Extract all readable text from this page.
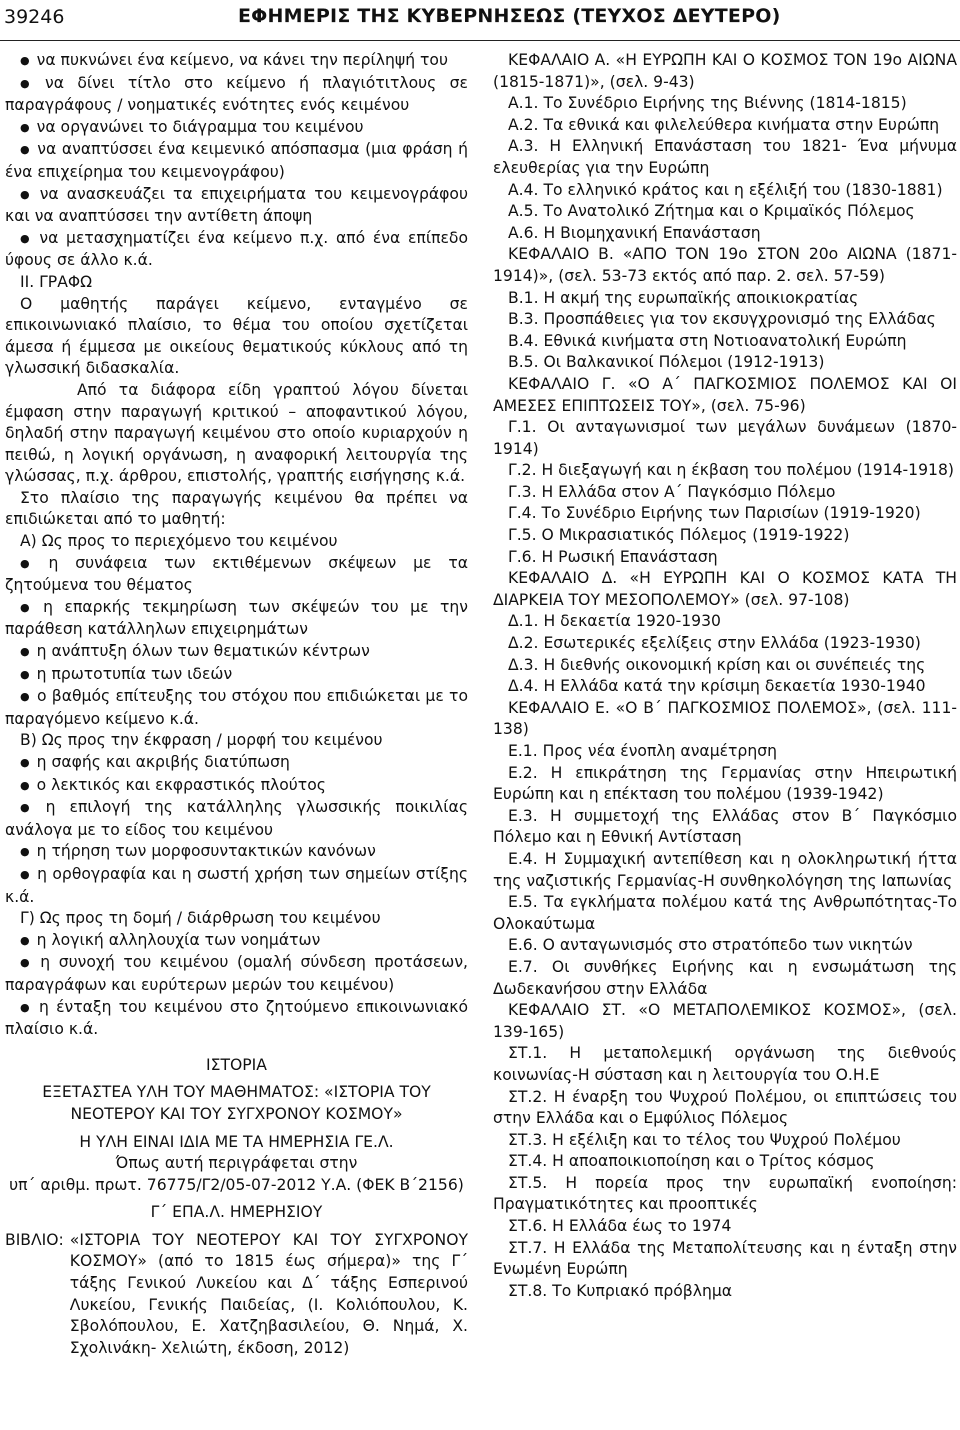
39246	ΕΦΗΜΕΡΙΣ ΤΗΣ ΚΥΒΕΡΝΗΣΕΩΣ (ΤΕΥΧΟΣ ΔΕΥΤΕΡΟ)

● να πυκνώνει ένα κείμενο, να κάνει την περίληψή του

● να δίνει τίτλο στο κείμενο ή πλαγιότιτλους σε παραγράφους / νοηματικές ενότητες ενός κειμένου

● να οργανώνει το διάγραμμα του κειμένου

● να αναπτύσσει ένα κειμενικό απόσπασμα (μια φράση ή ένα επιχείρημα του κειμενογράφου)

● να ανασκευάζει τα επιχειρήματα του κειμενογράφου και να αναπτύσσει την αντίθετη άποψη

● να μετασχηματίζει ένα κείμενο π.χ. από ένα επίπεδο ύφους σε άλλο κ.ά.

ΙΙ. ΓΡΑΦΩ

Ο μαθητής παράγει κείμενο, ενταγμένο σε επικοινωνιακό πλαίσιο, το θέμα του οποίου σχετίζεται άμεσα ή έμμεσα με οικείους θεματικούς κύκλους από τη γλωσσική διδασκαλία.

Από τα διάφορα είδη γραπτού λόγου δίνεται έμφαση στην παραγωγή κριτικού – αποφαντικού λόγου, δηλαδή στην παραγωγή κειμένου στο οποίο κυριαρχούν η πειθώ, η λογική οργάνωση, η αναφορική λειτουργία της γλώσσας, π.χ. άρθρου, επιστολής, γραπτής εισήγησης κ.ά.

Στο πλαίσιο της παραγωγής κειμένου θα πρέπει να επιδιώκεται από το μαθητή:

Α) Ως προς το περιεχόμενο του κειμένου

● η συνάφεια των εκτιθέμενων σκέψεων με τα ζητούμενα του θέματος

● η επαρκής τεκμηρίωση των σκέψεών του με την παράθεση κατάλληλων επιχειρημάτων

● η ανάπτυξη όλων των θεματικών κέντρων

● η πρωτοτυπία των ιδεών

● ο βαθμός επίτευξης του στόχου που επιδιώκεται με το παραγόμενο κείμενο κ.ά.

Β) Ως προς την έκφραση / μορφή του κειμένου

● η σαφής και ακριβής διατύπωση

● ο λεκτικός και εκφραστικός πλούτος

● η επιλογή της κατάλληλης γλωσσικής ποικιλίας ανάλογα με το είδος του κειμένου

● η τήρηση των μορφοσυντακτικών κανόνων

● η ορθογραφία και η σωστή χρήση των σημείων στίξης κ.ά.

Γ) Ως προς τη δομή / διάρθρωση του κειμένου

● η λογική αλληλουχία των νοημάτων

● η συνοχή του κειμένου (ομαλή σύνδεση προτάσεων, παραγράφων και ευρύτερων μερών του κειμένου)

● η ένταξη του κειμένου στο ζητούμενο επικοινωνιακό πλαίσιο κ.ά.

ΙΣΤΟΡΙΑ

ΕΞΕΤΑΣΤΕΑ ΥΛΗ ΤΟΥ ΜΑΘΗΜΑΤΟΣ: «ΙΣΤΟΡΙΑ ΤΟΥ ΝΕΟΤΕΡΟΥ ΚΑΙ ΤΟΥ ΣΥΓΧΡΟΝΟΥ ΚΟΣΜΟΥ»

Η ΥΛΗ ΕΙΝΑΙ ΙΔΙΑ ΜΕ ΤΑ ΗΜΕΡΗΣΙΑ ΓΕ.Λ.

Όπως αυτή περιγράφεται στην

υπ΄ αριθμ. πρωτ. 76775/Γ2/05-07-2012 Υ.Α. (ΦΕΚ Β΄2156)

Γ΄ ΕΠΑ.Λ. ΗΜΕΡΗΣΙΟΥ

ΒΙΒΛΙΟ: «ΙΣΤΟΡΙΑ ΤΟΥ ΝΕΟΤΕΡΟΥ ΚΑΙ ΤΟΥ ΣΥΓΧΡΟΝΟΥ ΚΟΣΜΟΥ» (από το 1815 έως σήμερα)» της Γ΄ τάξης Γενικού Λυκείου και Δ΄ τάξης Εσπερινού Λυκείου, Γενικής Παιδείας, (Ι. Κολιόπουλου, Κ. Σβολόπουλου, Ε. Χατζηβασιλείου, Θ. Νημά, Χ. Σχολινάκη- Χελιώτη, έκδοση, 2012)

ΚΕΦΑΛΑΙΟ Α. «Η ΕΥΡΩΠΗ ΚΑΙ Ο ΚΟΣΜΟΣ ΤΟΝ 19ο ΑΙΩΝΑ (1815-1871)», (σελ. 9-43)

Α.1. Το Συνέδριο Ειρήνης της Βιέννης (1814-1815)

Α.2. Τα εθνικά και φιλελεύθερα κινήματα στην Ευρώπη

Α.3. Η Ελληνική Επανάσταση του 1821- Ένα μήνυμα ελευθερίας για την Ευρώπη

Α.4. Το ελληνικό κράτος και η εξέλιξή του (1830-1881)

Α.5. Το Ανατολικό Ζήτημα και ο Κριμαϊκός Πόλεμος

Α.6. Η Βιομηχανική Επανάσταση

ΚΕΦΑΛΑΙΟ Β. «ΑΠΟ ΤΟΝ 19ο ΣΤΟΝ 20ο ΑΙΩΝΑ (1871-1914)», (σελ. 53-73 εκτός από παρ. 2. σελ. 57-59)

Β.1. Η ακμή της ευρωπαϊκής αποικιοκρατίας

Β.3. Προσπάθειες για τον εκσυγχρονισμό της Ελλάδας

Β.4. Εθνικά κινήματα στη Νοτιοανατολική Ευρώπη

Β.5. Οι Βαλκανικοί Πόλεμοι (1912-1913)

ΚΕΦΑΛΑΙΟ Γ. «Ο Α΄ ΠΑΓΚΟΣΜΙΟΣ ΠΟΛΕΜΟΣ ΚΑΙ ΟΙ ΑΜΕΣΕΣ ΕΠΙΠΤΩΣΕΙΣ ΤΟΥ», (σελ. 75-96)

Γ.1. Οι ανταγωνισμοί των μεγάλων δυνάμεων (1870-1914)

Γ.2. Η διεξαγωγή και η έκβαση του πολέμου (1914-1918)

Γ.3. Η Ελλάδα στον Α΄ Παγκόσμιο Πόλεμο

Γ.4. Το Συνέδριο Ειρήνης των Παρισίων (1919-1920)

Γ.5. Ο Μικρασιατικός Πόλεμος (1919-1922)

Γ.6. Η Ρωσική Επανάσταση

ΚΕΦΑΛΑΙΟ Δ. «Η ΕΥΡΩΠΗ ΚΑΙ Ο ΚΟΣΜΟΣ ΚΑΤΑ ΤΗ ΔΙΑΡΚΕΙΑ ΤΟΥ ΜΕΣΟΠΟΛΕΜΟΥ» (σελ. 97-108)

Δ.1. Η δεκαετία 1920-1930

Δ.2. Εσωτερικές εξελίξεις στην Ελλάδα (1923-1930)

Δ.3. Η διεθνής οικονομική κρίση και οι συνέπειές της

Δ.4. Η Ελλάδα κατά την κρίσιμη δεκαετία 1930-1940

ΚΕΦΑΛΑΙΟ Ε. «Ο Β΄ ΠΑΓΚΟΣΜΙΟΣ ΠΟΛΕΜΟΣ», (σελ. 111-138)

Ε.1. Προς νέα ένοπλη αναμέτρηση

Ε.2. Η επικράτηση της Γερμανίας στην Ηπειρωτική Ευρώπη και η επέκταση του πολέμου (1939-1942)

Ε.3. Η συμμετοχή της Ελλάδας στον Β΄ Παγκόσμιο Πόλεμο και η Εθνική Αντίσταση

Ε.4. Η Συμμαχική αντεπίθεση και η ολοκληρωτική ήττα της ναζιστικής Γερμανίας-Η συνθηκολόγηση της Ιαπωνίας

Ε.5. Τα εγκλήματα πολέμου κατά της Ανθρωπότητας-Το Ολοκαύτωμα

Ε.6. Ο ανταγωνισμός στο στρατόπεδο των νικητών

Ε.7. Οι συνθήκες Ειρήνης και η ενσωμάτωση της Δωδεκανήσου στην Ελλάδα

ΚΕΦΑΛΑΙΟ ΣΤ. «Ο ΜΕΤΑΠΟΛΕΜΙΚΟΣ ΚΟΣΜΟΣ», (σελ. 139-165)

ΣΤ.1. Η μεταπολεμική οργάνωση της διεθνούς κοινωνίας-Η σύσταση και η λειτουργία του Ο.Η.Ε

ΣΤ.2. Η έναρξη του Ψυχρού Πολέμου, οι επιπτώσεις του στην Ελλάδα και ο Εμφύλιος Πόλεμος

ΣΤ.3. Η εξέλιξη και το τέλος του Ψυχρού Πολέμου

ΣΤ.4. Η αποαποικιοποίηση και ο Τρίτος κόσμος

ΣΤ.5. Η πορεία προς την ευρωπαϊκή ενοποίηση: Πραγματικότητες και προοπτικές

ΣΤ.6. Η Ελλάδα έως το 1974

ΣΤ.7. Η Ελλάδα της Μεταπολίτευσης και η ένταξη στην Ενωμένη Ευρώπη

ΣΤ.8. Το Κυπριακό πρόβλημα
